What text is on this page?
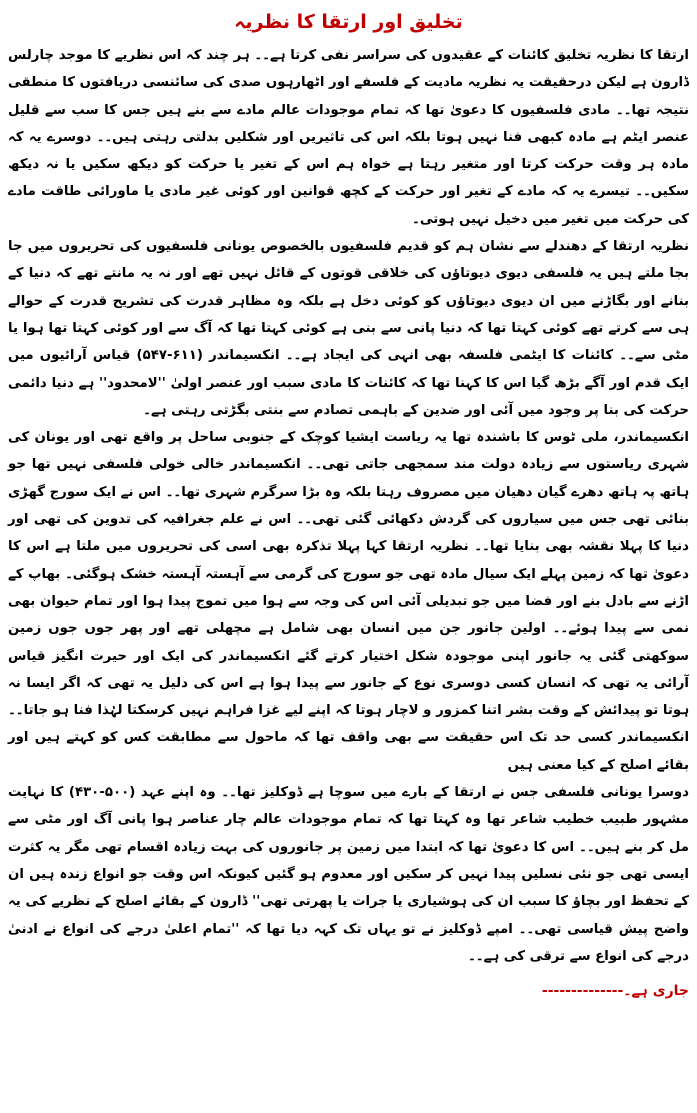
تخلیق اور ارتقا کا نظریہ

ارتقا کا نظریہ تخلیق کائنات کے عقیدوں کی سراسر نفی کرتا ہے۔۔ ہر چند کہ اس نظریے کا موجد چارلس ڈارون ہے لیکن درحقیقت یہ نظریہ مادیت کے فلسفے اور اٹھارہوں صدی کی سائنسی دریافتوں کا منطقی نتیجہ تھا۔۔ مادی فلسفیوں کا دعویٰ تھا کہ تمام موجودات عالم مادے سے بنے ہیں جس کا سب سے قلیل عنصر ایٹم ہے مادہ کبھی فنا نہیں ہوتا بلکہ اس کی تاثیریں اور شکلیں بدلتی رہتی ہیں۔۔ دوسرے یہ کہ مادہ ہر وقت حرکت کرتا اور متغیر رہتا ہے خواہ ہم اس کے تغیر یا حرکت کو دیکھ سکیں یا نہ دیکھ سکیں۔۔ تیسرے یہ کہ مادے کے تغیر اور حرکت کے کچھ قوانین اور کوئی غیر مادی یا ماورائی طاقت مادے کی حرکت میں تغیر میں دخیل نہیں ہوتی۔

نظریہ ارتقا کے دھندلے سے نشان ہم کو قدیم فلسفیوں بالخصوص یونانی فلسفیوں کی تحریروں میں جا بجا ملتے ہیں یہ فلسفی دیوی دیوتاؤں کی خلاقی قوتوں کے قائل نہیں تھے اور نہ یہ مانتے تھے کہ دنیا کے بنانے اور بگاڑنے میں ان دیوی دیوتاؤں کو کوئی دخل ہے بلکہ وہ مظاہر قدرت کی تشریح قدرت کے حوالے ہی سے کرتے تھے کوئی کہتا تھا کہ دنیا پانی سے بنی ہے کوئی کہتا تھا کہ آگ سے اور کوئی کہتا تھا ہوا یا مٹی سے۔۔ کائنات کا ایٹمی فلسفہ بھی انہی کی ایجاد ہے۔۔ انکسیماندر (۶۱۱-۵۴۷) قیاس آرائیوں میں ایک قدم اور آگے بڑھ گیا اس کا کہنا تھا کہ کائنات کا مادی سبب اور عنصر اولیٰ ''لامحدود'' ہے دنیا دائمی حرکت کی بنا پر وجود میں آئی اور ضدین کے باہمی تصادم سے بنتی بگڑتی رہتی ہے۔

انکسیماندر، ملی ٹوس کا باشندہ تھا یہ ریاست ایشیا کوچک کے جنوبی ساحل پر واقع تھی اور یونان کی شہری ریاستوں سے زیادہ دولت مند سمجھی جاتی تھی۔۔ انکسیماندر خالی خولی فلسفی نہیں تھا جو ہاتھ پہ ہاتھ دھرے گیان دھیان میں مصروف رہتا بلکہ وہ بڑا سرگرم شہری تھا۔۔ اس نے ایک سورج گھڑی بنائی تھی جس میں سیاروں کی گردش دکھائی گئی تھی۔۔ اس نے علم جغرافیہ کی تدوین کی تھی اور دنیا کا پہلا نقشہ بھی بنایا تھا۔۔ نظریہ ارتقا کہا پہلا تذکرہ بھی اسی کی تحریروں میں ملتا ہے اس کا دعویٰ تھا کہ زمین پہلے ایک سیال مادہ تھی جو سورج کی گرمی سے آہستہ آہستہ خشک ہوگئی۔ بھاپ کے اڑنے سے بادل بنے اور فضا میں جو تبدیلی آئی اس کی وجہ سے ہوا میں تموج پیدا ہوا اور تمام حیوان بھی نمی سے پیدا ہوئے۔۔ اولین جانور جن میں انسان بھی شامل ہے مچھلی تھے اور پھر جوں جوں زمین سوکھتی گئی یہ جانور اپنی موجودہ شکل اختیار کرتے گئے انکسیماندر کی ایک اور حیرت انگیز قیاس آرائی یہ تھی کہ انسان کسی دوسری نوع کے جانور سے پیدا ہوا ہے اس کی دلیل یہ تھی کہ اگر ایسا نہ ہوتا تو پیدائش کے وقت بشر اتنا کمزور و لاچار ہوتا کہ اپنے لیے غزا فراہم نہیں کرسکتا لہٰذا فنا ہو جاتا۔۔ انکسیماندر کسی حد تک اس حقیقت سے بھی واقف تھا کہ ماحول سے مطابقت کس کو کہتے ہیں اور بقائے اصلح کے کیا معنی ہیں

دوسرا یونانی فلسفی جس نے ارتقا کے بارے میں سوچا ہے ڈوکلیز تھا۔۔ وہ اپنے عہد (۵۰۰-۴۳۰) کا نہایت مشہور طبیب خطیب شاعر تھا وہ کہتا تھا کہ تمام موجودات عالم چار عناصر ہوا پانی آگ اور مٹی سے مل کر بنے ہیں۔۔ اس کا دعویٰ تھا کہ ابتدا میں زمین پر جانوروں کی بہت زیادہ اقسام تھی مگر یہ کثرت ایسی تھی جو نئی نسلیں پیدا نہیں کر سکیں اور معدوم ہو گئیں کیونکہ اس وقت جو انواع زندہ ہیں ان کے تحفظ اور بچاؤ کا سبب ان کی ہوشیاری یا جرات یا پھرتی تھی'' ڈارون کے بقائے اصلح کے نظریے کی یہ واضح پیش قیاسی تھی۔۔ امپے ڈوکلیز نے تو یہاں تک کہہ دیا تھا کہ ''تمام اعلیٰ درجے کی انواع نے ادنیٰ درجے کی انواع سے ترقی کی ہے۔۔

جاری ہے۔--------------
